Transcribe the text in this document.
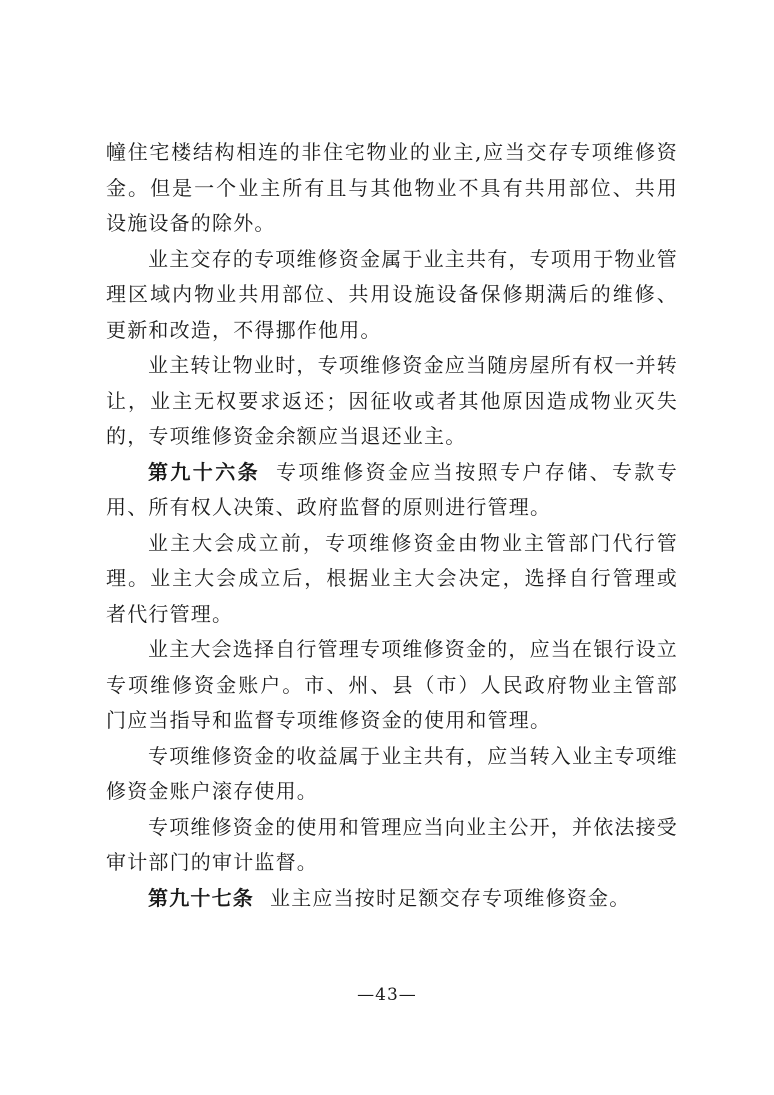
幢住宅楼结构相连的非住宅物业的业主,应当交存专项维修资金。但是一个业主所有且与其他物业不具有共用部位、共用设施设备的除外。

业主交存的专项维修资金属于业主共有，专项用于物业管理区域内物业共用部位、共用设施设备保修期满后的维修、更新和改造，不得挪作他用。

业主转让物业时，专项维修资金应当随房屋所有权一并转让，业主无权要求返还；因征收或者其他原因造成物业灭失的，专项维修资金余额应当退还业主。

第九十六条 专项维修资金应当按照专户存储、专款专用、所有权人决策、政府监督的原则进行管理。

业主大会成立前，专项维修资金由物业主管部门代行管理。业主大会成立后，根据业主大会决定，选择自行管理或者代行管理。

业主大会选择自行管理专项维修资金的，应当在银行设立专项维修资金账户。市、州、县（市）人民政府物业主管部门应当指导和监督专项维修资金的使用和管理。

专项维修资金的收益属于业主共有，应当转入业主专项维修资金账户滚存使用。

专项维修资金的使用和管理应当向业主公开，并依法接受审计部门的审计监督。

第九十七条 业主应当按时足额交存专项维修资金。

—43—
